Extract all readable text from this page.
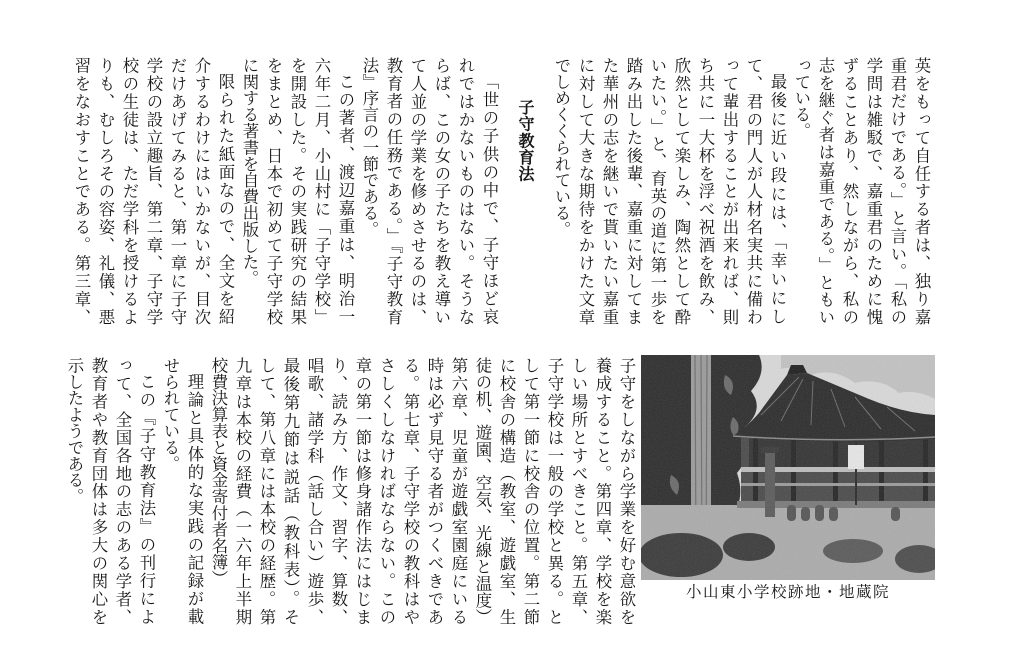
英をもって自任する者は、独り嘉
重君だけである。」と言い。「私の
学問は雑駁で、嘉重君のために愧
ずることあり、然しながら、私の
志を継ぐ者は嘉重である。」ともい
っている。
最後に近い段には、「幸いにし
て、君の門人が人材名実共に備わ
って輩出することが出来れば、則
ち共に一大杯を浮べ祝酒を飲み、
欣然として楽しみ、陶然として酔
いたい。」と、育英の道に第一歩を
踏み出した後輩、嘉重に対してま
た華州の志を継いで貰いたい嘉重
に対して大きな期待をかけた文章
でしめくくられている。
子守教育法
「世の子供の中で、子守ほど哀
れではかないものはない。そうな
らば、この女の子たちを教え導い
て人並の学業を修めさせるのは、
教育者の任務である。」『子守教育
法』序言の一節である。
この著者、渡辺嘉重は、明治一
六年二月、小山村に「子守学校」
を開設した。その実践研究の結果
をまとめ、日本で初めて子守学校
に関する著書を自費出版した。
限られた紙面なので、全文を紹
介するわけにはいかないが、目次
だけあげてみると、第一章に子守
学校の設立趣旨、第二章、子守学
校の生徒は、ただ学科を授けるよ
りも、むしろその容姿、礼儀、悪
習をなおすことである。第三章、
子守をしながら学業を好む意欲を
養成すること。第四章、学校を楽
しい場所とすべきこと。第五章、
子守学校は一般の学校と異る。と
して第一節に校舎の位置。第二節
に校舎の構造（教室、遊戯室、生
徒の机、遊園、空気、光線と温度）
第六章、児童が遊戯室園庭にいる
時は必ず見守る者がつくべきであ
る。第七章、子守学校の教科はや
さしくしなければならない。この
章の第一節は修身諸作法にはじま
り、読み方、作文、習字、算数、
唱歌、諸学科（話し合い）遊歩、
最後第九節は説話（教科表）。そ
して、第八章には本校の経歴。第
九章は本校の経費（一六年上半期
校費決算表と資金寄付者名簿）
理論と具体的な実践の記録が載
せられている。
この『子守教育法』の刊行によ
って、全国各地の志のある学者、
教育者や教育団体は多大の関心を
示したようである。
小山東小学校跡地・地蔵院
